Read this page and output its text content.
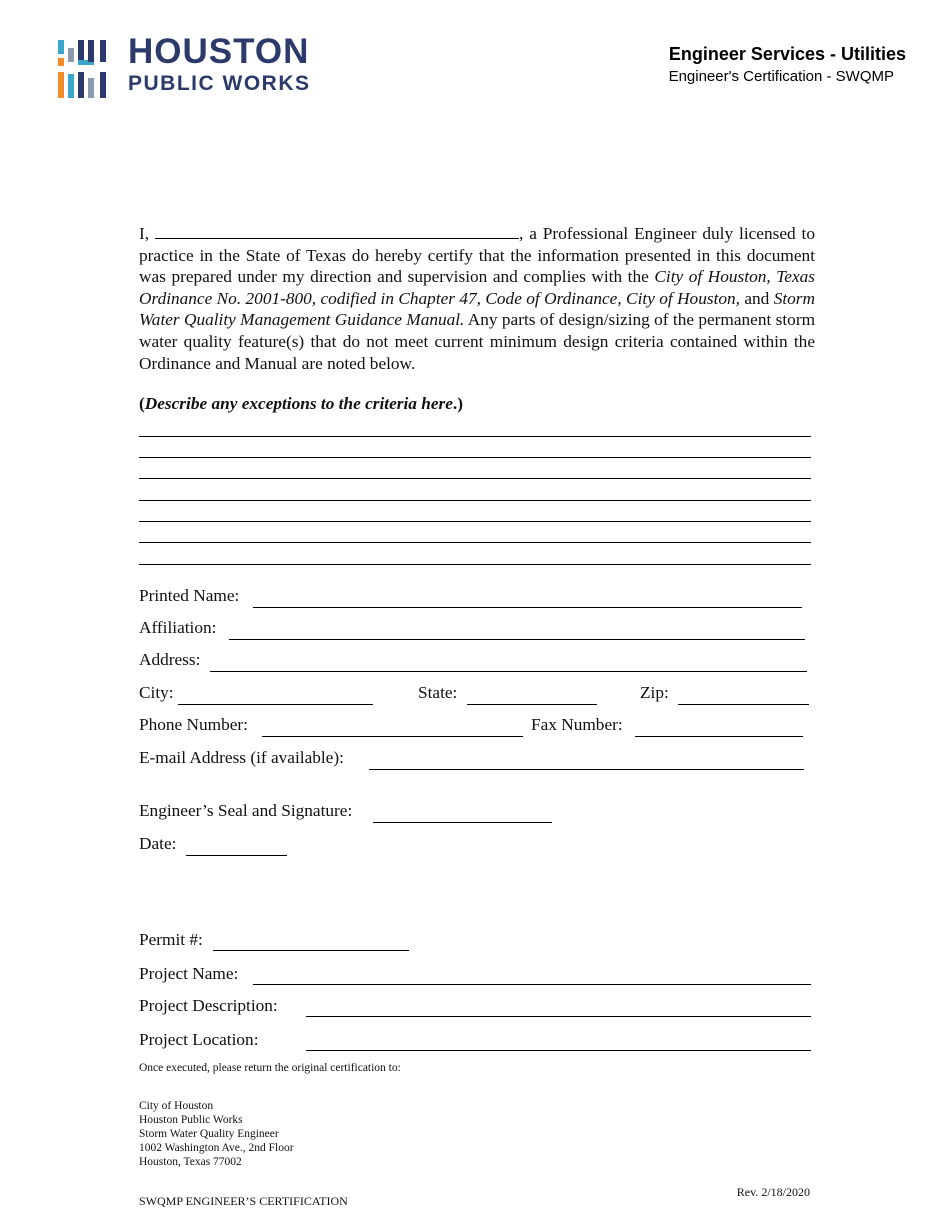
HOUSTON
PUBLIC WORKS
Engineer Services - Utilities
Engineer's Certification - SWQMP
I,	, a Professional Engineer duly licensed to practice in the State of Texas do hereby certify that the information presented in this document was prepared under my direction and supervision and complies with the City of Houston, Texas Ordinance No. 2001-800, codified in Chapter 47, Code of Ordinance, City of Houston, and Storm Water Quality Management Guidance Manual. Any parts of design/sizing of the permanent storm water quality feature(s) that do not meet current minimum design criteria contained within the Ordinance and Manual are noted below.
(Describe any exceptions to the criteria here.)
Printed Name:
Affiliation:
Address:
City:	State:	Zip:
Phone Number:	Fax Number:
E-mail Address (if available):
Engineer’s Seal and Signature:
Date:
Permit #:
Project Name:
Project Description:
Project Location:
Once executed, please return the original certification to:
City of Houston
Houston Public Works
Storm Water Quality Engineer
1002 Washington Ave., 2nd Floor
Houston, Texas 77002
SWQMP ENGINEER’S CERTIFICATION
Rev. 2/18/2020
